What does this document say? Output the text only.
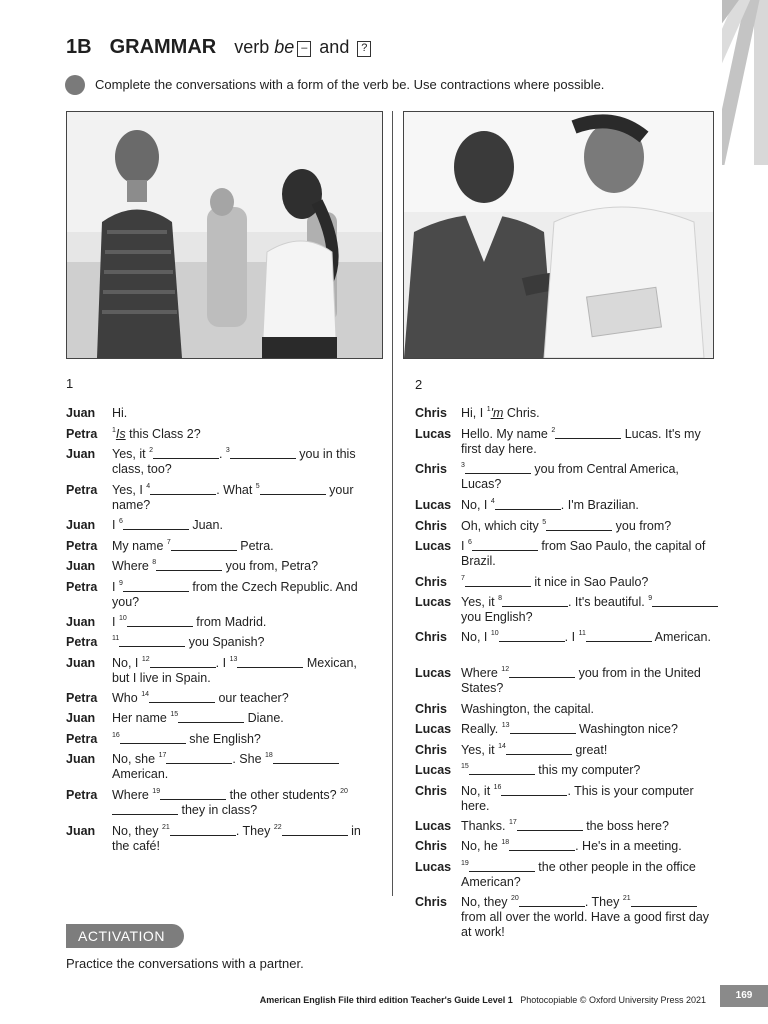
1B GRAMMAR verb be – and ?
Complete the conversations with a form of the verb be. Use contractions where possible.
1	2
Juan Hi.
Petra $^1$Is this Class 2?
Juan Yes, it $^2$	. $^3$	you in this class, too?
Petra Yes, I $^4$	. What $^5$	your name?
Juan I $^6$	Juan.
Petra My name $^7$	Petra.
Juan Where $^8$	you from, Petra?
Petra I $^9$	from the Czech Republic. And you?
Juan I $^{10}$	from Madrid.
Petra $^{11}$	you Spanish?
Juan No, I $^{12}$	. I $^{13}$	Mexican, but I live in Spain.
Petra Who $^{14}$	our teacher?
Juan Her name $^{15}$	Diane.
Petra $^{16}$	she English?
Juan No, she $^{17}$	. She $^{18}$ American.
Petra Where $^{19}$	the other students? $^{20}$ they in class?
Juan No, they $^{21}$	. They $^{22}$	in the café!
Chris Hi, I $^1$'m Chris.
Lucas Hello. My name $^2$	Lucas. It's my first day here.
Chris $^3$	you from Central America, Lucas?
Lucas No, I $^4$	. I'm Brazilian.
Chris Oh, which city $^5$	you from?
Lucas I $^6$	from Sao Paulo, the capital of Brazil.
Chris $^7$	it nice in Sao Paulo?
Lucas Yes, it $^8$	. It's beautiful. $^9$ you English?
Chris No, I $^{10}$	. I $^{11}$	American.
Lucas Where $^{12}$	you from in the United States?
Chris Washington, the capital.
Lucas Really. $^{13}$	Washington nice?
Chris Yes, it $^{14}$	great!
Lucas $^{15}$	this my computer?
Chris No, it $^{16}$	. This is your computer here.
Lucas Thanks. $^{17}$	the boss here?
Chris No, he $^{18}$	. He's in a meeting.
Lucas $^{19}$	the other people in the office American?
Chris No, they $^{20}$	. They $^{21}$ from all over the world. Have a good first day at work!
ACTIVATION
Practice the conversations with a partner.
American English File third edition Teacher's Guide Level 1 Photocopiable © Oxford University Press 2021	169
